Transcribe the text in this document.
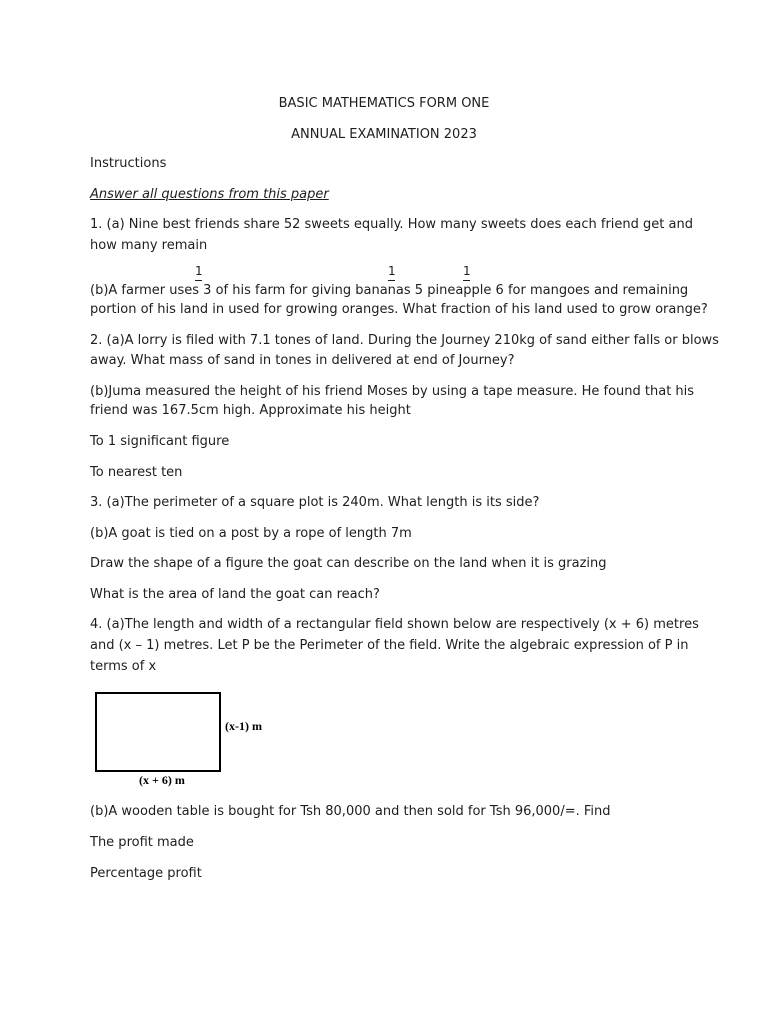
BASIC MATHEMATICS FORM ONE

ANNUAL EXAMINATION 2023

Instructions

Answer all questions from this paper

1. (a) Nine best friends share 52 sweets equally. How many sweets does each friend get and

how many remain

1	1	1

(b)A farmer uses 3 of his farm for giving bananas 5 pineapple 6 for mangoes and remaining

portion of his land in used for growing oranges. What fraction of his land used to grow orange?

2. (a)A lorry is filed with 7.1 tones of land. During the Journey 210kg of sand either falls or blows

away. What mass of sand in tones in delivered at end of Journey?

(b)Juma measured the height of his friend Moses by using a tape measure. He found that his

friend was 167.5cm high. Approximate his height

To 1 significant figure

To nearest ten

3. (a)The perimeter of a square plot is 240m. What length is its side?

(b)A goat is tied on a post by a rope of length 7m

Draw the shape of a figure the goat can describe on the land when it is grazing

What is the area of land the goat can reach?

4. (a)The length and width of a rectangular field shown below are respectively (x + 6) metres

and (x – 1) metres. Let P be the Perimeter of the field. Write the algebraic expression of P in

terms of x

(x-1) m
(x + 6) m

(b)A wooden table is bought for Tsh 80,000 and then sold for Tsh 96,000/=. Find

The profit made

Percentage profit
